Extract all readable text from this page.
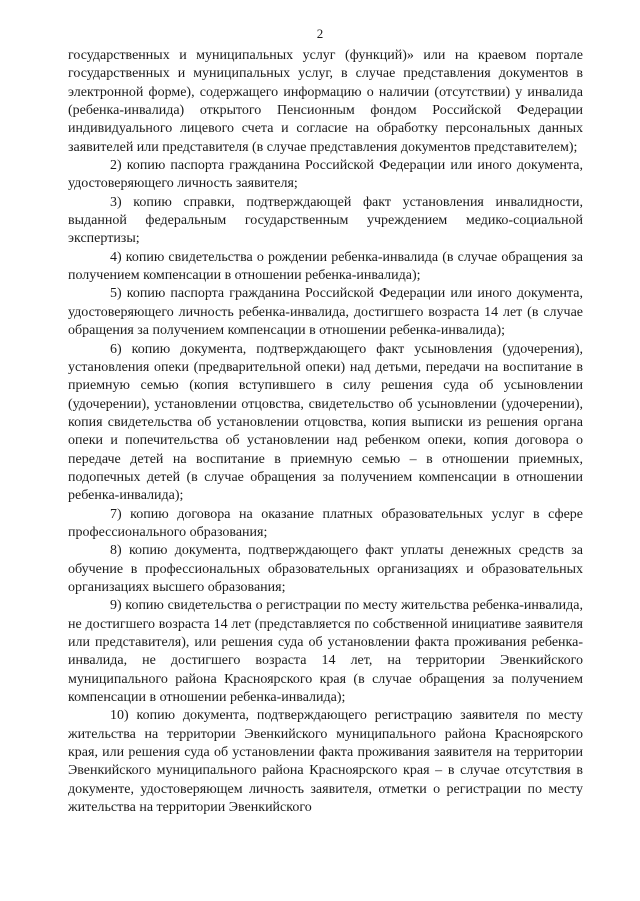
2

государственных и муниципальных услуг (функций)» или на краевом портале государственных и муниципальных услуг, в случае представления документов в электронной форме), содержащего информацию о наличии (отсутствии) у инвалида (ребенка-инвалида) открытого Пенсионным фондом Российской Федерации индивидуального лицевого счета и согласие на обработку персональных данных заявителей или представителя (в случае представления документов представителем);

2) копию паспорта гражданина Российской Федерации или иного документа, удостоверяющего личность заявителя;

3) копию справки, подтверждающей факт установления инвалидности, выданной федеральным государственным учреждением медико-социальной экспертизы;

4) копию свидетельства о рождении ребенка-инвалида (в случае обращения за получением компенсации в отношении ребенка-инвалида);

5) копию паспорта гражданина Российской Федерации или иного документа, удостоверяющего личность ребенка-инвалида, достигшего возраста 14 лет (в случае обращения за получением компенсации в отношении ребенка-инвалида);

6) копию документа, подтверждающего факт усыновления (удочерения), установления опеки (предварительной опеки) над детьми, передачи на воспитание в приемную семью (копия вступившего в силу решения суда об усыновлении (удочерении), установлении отцовства, свидетельство об усыновлении (удочерении), копия свидетельства об установлении отцовства, копия выписки из решения органа опеки и попечительства об установлении над ребенком опеки, копия договора о передаче детей на воспитание в приемную семью – в отношении приемных, подопечных детей (в случае обращения за получением компенсации в отношении ребенка-инвалида);

7) копию договора на оказание платных образовательных услуг в сфере профессионального образования;

8) копию документа, подтверждающего факт уплаты денежных средств за обучение в профессиональных образовательных организациях и образовательных организациях высшего образования;

9) копию свидетельства о регистрации по месту жительства ребенка-инвалида, не достигшего возраста 14 лет (представляется по собственной инициативе заявителя или представителя), или решения суда об установлении факта проживания ребенка-инвалида, не достигшего возраста 14 лет, на территории Эвенкийского муниципального района Красноярского края (в случае обращения за получением компенсации в отношении ребенка-инвалида);

10) копию документа, подтверждающего регистрацию заявителя по месту жительства на территории Эвенкийского муниципального района Красноярского края, или решения суда об установлении факта проживания заявителя на территории Эвенкийского муниципального района Красноярского края – в случае отсутствия в документе, удостоверяющем личность заявителя, отметки о регистрации по месту жительства на территории Эвенкийского
